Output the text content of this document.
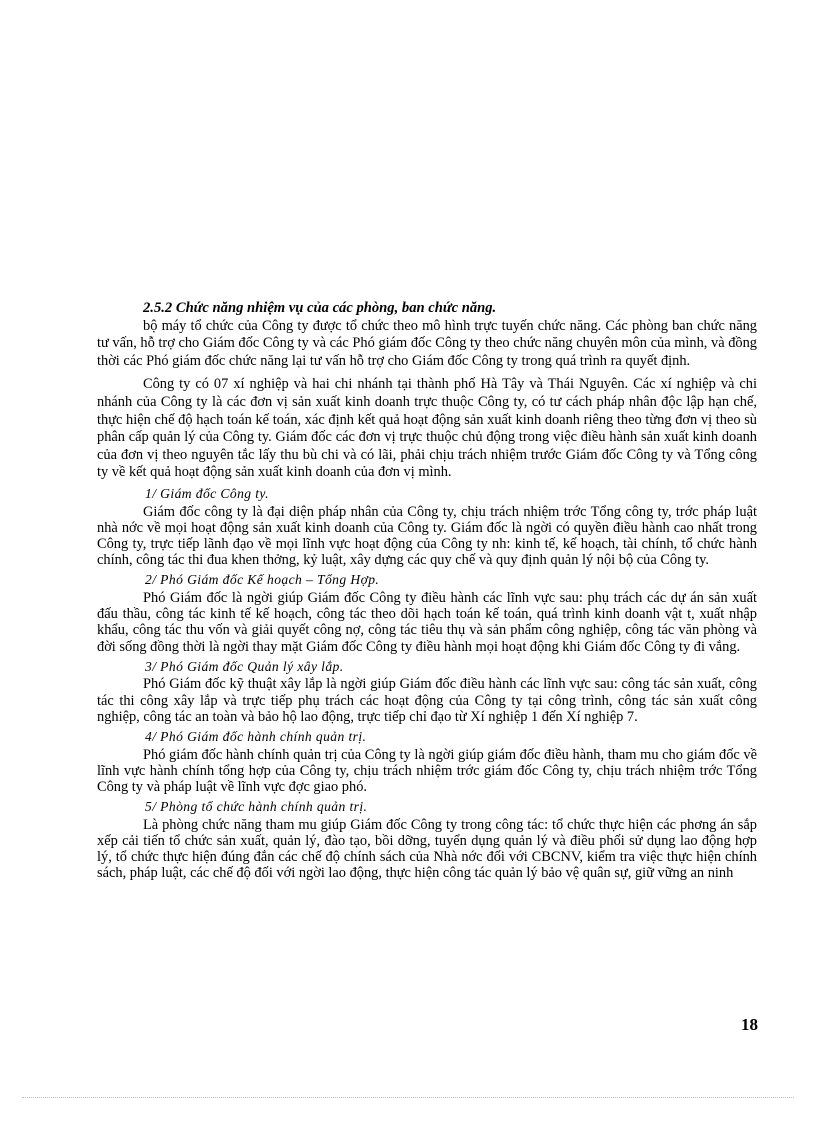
2.5.2 Chức năng nhiệm vụ của các phòng, ban chức năng.

bộ máy tổ chức của Công ty được tổ chức theo mô hình trực tuyến chức năng. Các phòng ban chức năng tư vấn, hỗ trợ cho Giám đốc Công ty và các Phó giám đốc Công ty theo chức năng chuyên môn của mình, và đồng thời các Phó giám đốc chức năng lại tư vấn hỗ trợ cho Giám đốc Công ty trong quá trình ra quyết định.

Công ty có 07 xí nghiệp và hai chi nhánh tại thành phố Hà Tây và Thái Nguyên. Các xí nghiệp và chi nhánh của Công ty là các đơn vị sản xuất kinh doanh trực thuộc Công ty, có tư cách pháp nhân độc lập hạn chế, thực hiện chế độ hạch toán kế toán, xác định kết quả hoạt động sản xuất kinh doanh riêng theo từng đơn vị theo sù phân cấp quản lý của Công ty. Giám đốc các đơn vị trực thuộc chủ động trong việc điều hành sản xuất kinh doanh của đơn vị theo nguyên tắc lấy thu bù chi và có lãi, phải chịu trách nhiệm trước Giám đốc Công ty và Tổng công ty về kết quả hoạt động sản xuất kinh doanh của đơn vị mình.

1/ Giám đốc Công ty.

Giám đốc công ty là đại diện pháp nhân của Công ty, chịu trách nhiệm trớc Tổng công ty, trớc pháp luật nhà nớc về mọi hoạt động sản xuất kinh doanh của Công ty. Giám đốc là ngời có quyền điều hành cao nhất trong Công ty, trực tiếp lãnh đạo về mọi lĩnh vực hoạt động của Công ty nh: kinh tế, kế hoạch, tài chính, tổ chức hành chính, công tác thi đua khen thởng, kỷ luật, xây dựng các quy chế và quy định quản lý nội bộ của Công ty.

2/ Phó Giám đốc Kế hoạch – Tổng Hợp.

Phó Giám đốc là ngời giúp Giám đốc Công ty điều hành các lĩnh vực sau: phụ trách các dự án sản xuất đấu thầu, công tác kinh tế kế hoạch, công tác theo dõi hạch toán kế toán, quá trình kinh doanh vật t, xuất nhập khẩu, công tác thu vốn và giải quyết công nợ, công tác tiêu thụ và sản phẩm công nghiệp, công tác văn phòng và đời sống đồng thời là ngời thay mặt Giám đốc Công ty điều hành mọi hoạt động khi Giám đốc Công ty đi vắng.

3/ Phó Giám đốc Quản lý xây lắp.

Phó Giám đốc kỹ thuật xây lắp là ngời giúp Giám đốc điều hành các lĩnh vực sau: công tác sản xuất, công tác thi công xây lắp và trực tiếp phụ trách các hoạt động của Công ty tại công trình, công tác sản xuất công nghiệp, công tác an toàn và bảo hộ lao động, trực tiếp chỉ đạo từ Xí nghiệp 1 đến Xí nghiệp 7.

4/ Phó Giám đốc hành chính quản trị.

Phó giám đốc hành chính quản trị của Công ty là ngời giúp giám đốc điều hành, tham mu cho giám đốc về lĩnh vực hành chính tổng hợp của Công ty, chịu trách nhiệm trớc giám đốc Công ty, chịu trách nhiệm trớc Tổng Công ty và pháp luật về lĩnh vực đợc giao phó.

5/ Phòng tổ chức hành chính quản trị.

Là phòng chức năng tham mu giúp Giám đốc Công ty trong công tác: tổ chức thực hiện các phơng án sắp xếp cải tiến tổ chức sản xuất, quản lý, đào tạo, bồi dỡng, tuyển dụng quản lý và điều phối sử dụng lao động hợp lý, tổ chức thực hiện đúng đắn các chế độ chính sách của Nhà nớc đối với CBCNV, kiểm tra việc thực hiện chính sách, pháp luật, các chế độ đối với ngời lao động, thực hiện công tác quản lý bảo vệ quân sự, giữ vững an ninh

18
